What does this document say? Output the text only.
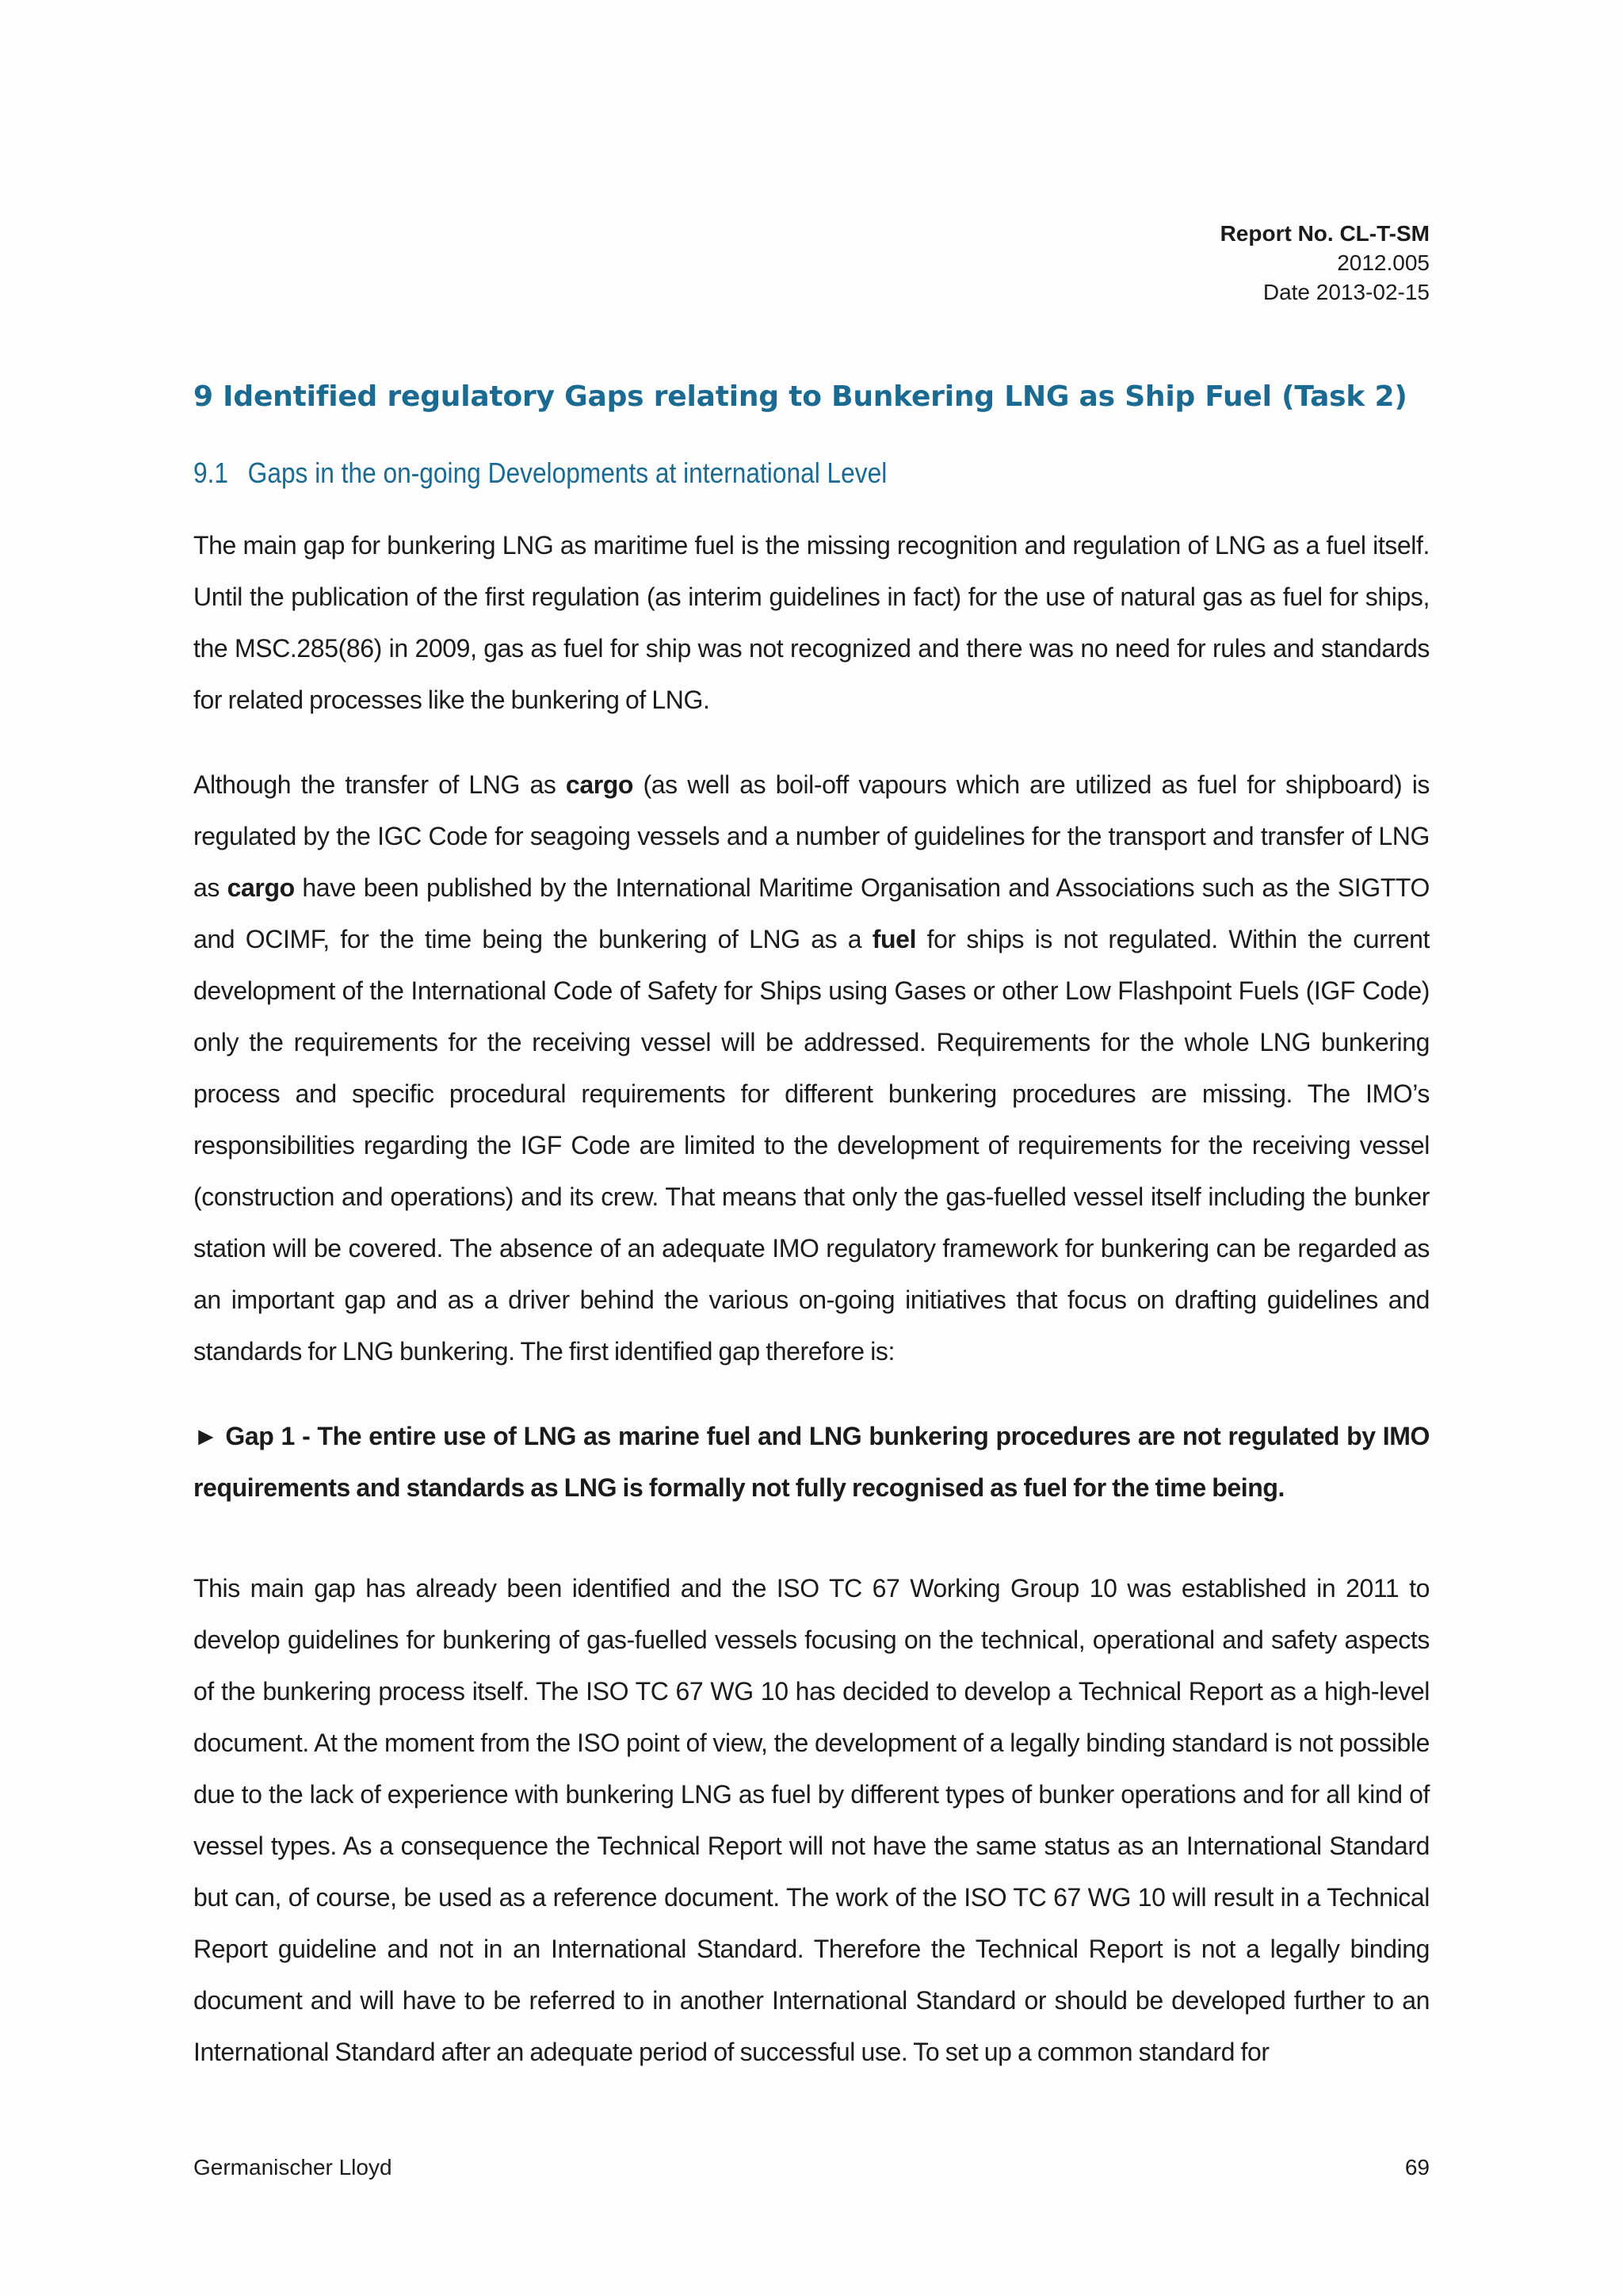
Report No. CL-T-SM
2012.005
Date 2013-02-15
9 Identified regulatory Gaps relating to Bunkering LNG as Ship Fuel (Task 2)
9.1 Gaps in the on-going Developments at international Level

The main gap for bunkering LNG as maritime fuel is the missing recognition and regulation of LNG as a fuel itself. Until the publication of the first regulation (as interim guidelines in fact) for the use of natural gas as fuel for ships, the MSC.285(86) in 2009, gas as fuel for ship was not recognized and there was no need for rules and standards for related processes like the bunkering of LNG.

Although the transfer of LNG as cargo (as well as boil-off vapours which are utilized as fuel for shipboard) is regulated by the IGC Code for seagoing vessels and a number of guidelines for the transport and transfer of LNG as cargo have been published by the International Maritime Organisation and Associations such as the SIGTTO and OCIMF, for the time being the bunkering of LNG as a fuel for ships is not regulated. Within the current development of the International Code of Safety for Ships using Gases or other Low Flashpoint Fuels (IGF Code) only the requirements for the receiving vessel will be addressed. Requirements for the whole LNG bunkering process and specific procedural requirements for different bunkering procedures are missing. The IMO’s responsibilities regarding the IGF Code are limited to the development of requirements for the receiving vessel (construction and operations) and its crew. That means that only the gas-fuelled vessel itself including the bunker station will be covered. The absence of an adequate IMO regulatory framework for bunkering can be regarded as an important gap and as a driver behind the various on-going initiatives that focus on drafting guidelines and standards for LNG bunkering. The first identified gap therefore is:

► Gap 1 - The entire use of LNG as marine fuel and LNG bunkering procedures are not regulated by IMO requirements and standards as LNG is formally not fully recognised as fuel for the time being.

This main gap has already been identified and the ISO TC 67 Working Group 10 was established in 2011 to develop guidelines for bunkering of gas-fuelled vessels focusing on the technical, operational and safety aspects of the bunkering process itself. The ISO TC 67 WG 10 has decided to develop a Technical Report as a high-level document. At the moment from the ISO point of view, the development of a legally binding standard is not possible due to the lack of experience with bunkering LNG as fuel by different types of bunker operations and for all kind of vessel types. As a consequence the Technical Report will not have the same status as an International Standard but can, of course, be used as a reference document. The work of the ISO TC 67 WG 10 will result in a Technical Report guideline and not in an International Standard. Therefore the Technical Report is not a legally binding document and will have to be referred to in another International Standard or should be developed further to an International Standard after an adequate period of successful use. To set up a common standard for

Germanischer Lloyd	69
